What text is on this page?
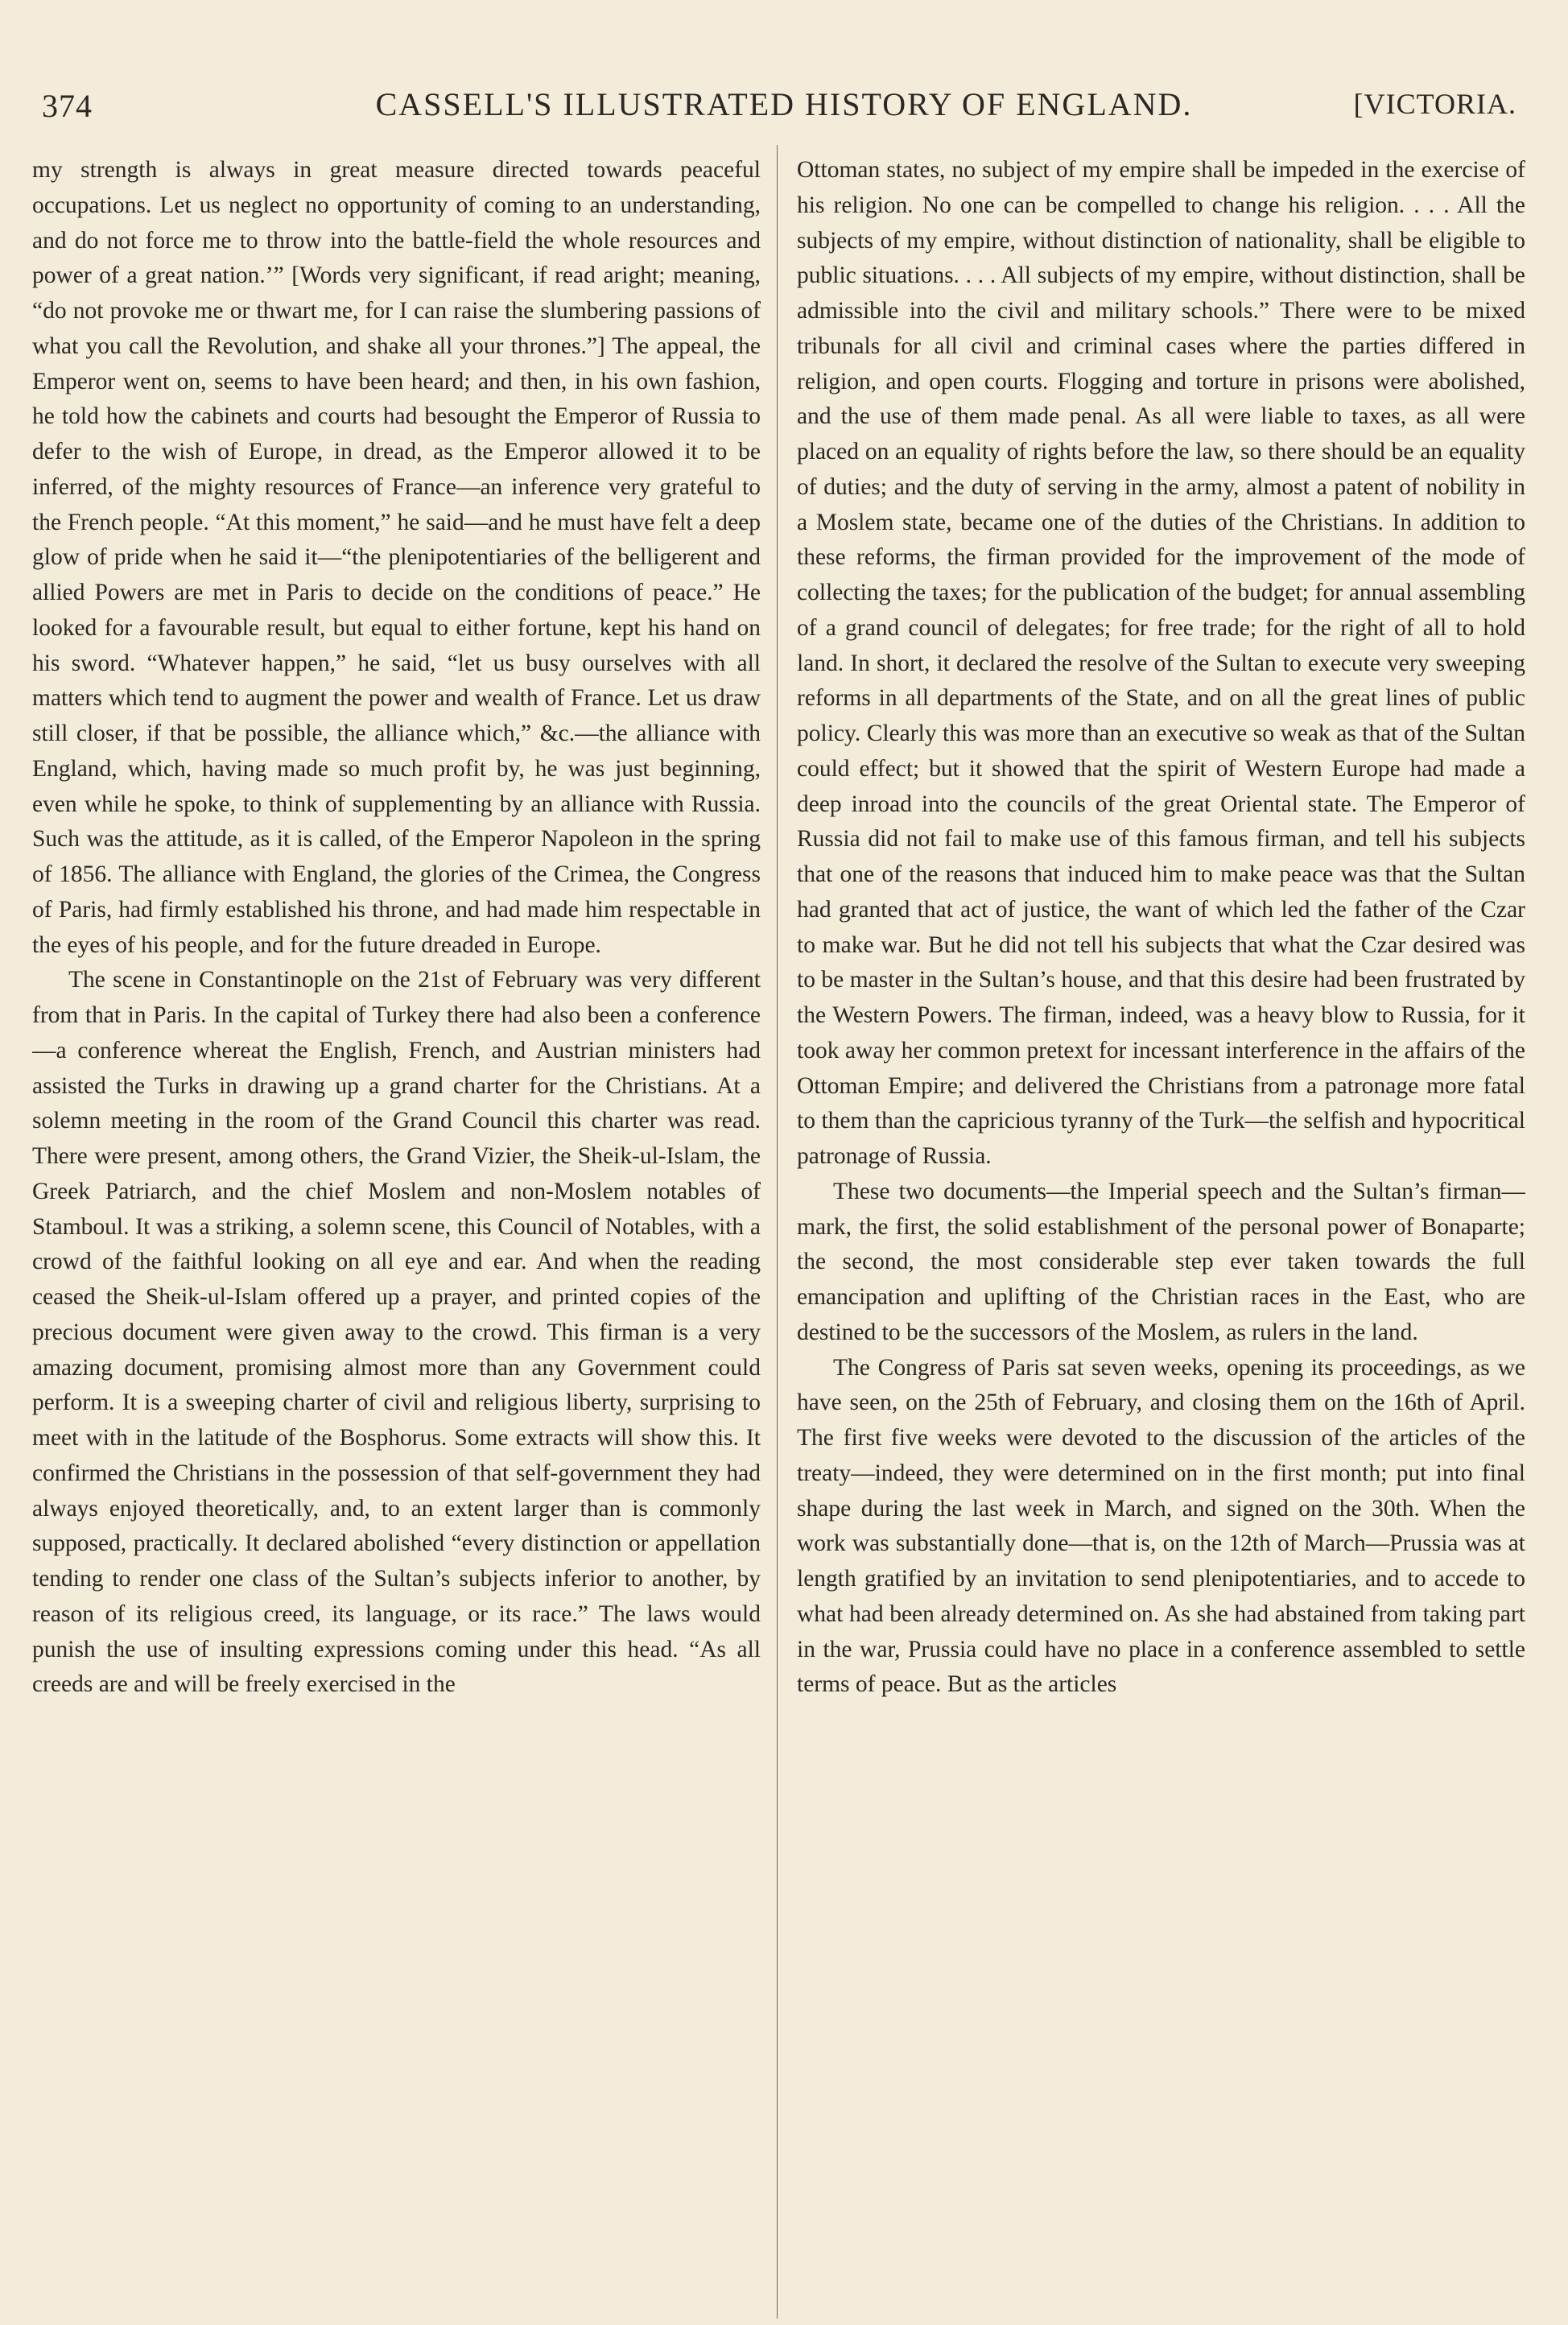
374	CASSELL'S ILLUSTRATED HISTORY OF ENGLAND.	[VICTORIA.

my strength is always in great measure directed towards peaceful occupations. Let us neglect no opportunity of coming to an understanding, and do not force me to throw into the battle-field the whole resources and power of a great nation.’” [Words very significant, if read aright; meaning, “do not provoke me or thwart me, for I can raise the slumbering passions of what you call the Revolution, and shake all your thrones.”] The appeal, the Emperor went on, seems to have been heard; and then, in his own fashion, he told how the cabinets and courts had besought the Emperor of Russia to defer to the wish of Europe, in dread, as the Emperor allowed it to be inferred, of the mighty resources of France—an inference very grateful to the French people. “At this moment,” he said—and he must have felt a deep glow of pride when he said it—“the plenipotentiaries of the belligerent and allied Powers are met in Paris to decide on the conditions of peace.” He looked for a favourable result, but equal to either fortune, kept his hand on his sword. “Whatever happen,” he said, “let us busy ourselves with all matters which tend to augment the power and wealth of France. Let us draw still closer, if that be possible, the alliance which,” &c.—the alliance with England, which, having made so much profit by, he was just beginning, even while he spoke, to think of supplementing by an alliance with Russia. Such was the attitude, as it is called, of the Emperor Napoleon in the spring of 1856. The alliance with England, the glories of the Crimea, the Congress of Paris, had firmly established his throne, and had made him respectable in the eyes of his people, and for the future dreaded in Europe.

The scene in Constantinople on the 21st of February was very different from that in Paris. In the capital of Turkey there had also been a conference—a conference whereat the English, French, and Austrian ministers had assisted the Turks in drawing up a grand charter for the Christians. At a solemn meeting in the room of the Grand Council this charter was read. There were present, among others, the Grand Vizier, the Sheik-ul-Islam, the Greek Patriarch, and the chief Moslem and non-Moslem notables of Stamboul. It was a striking, a solemn scene, this Council of Notables, with a crowd of the faithful looking on all eye and ear. And when the reading ceased the Sheik-ul-Islam offered up a prayer, and printed copies of the precious document were given away to the crowd. This firman is a very amazing document, promising almost more than any Government could perform. It is a sweeping charter of civil and religious liberty, surprising to meet with in the latitude of the Bosphorus. Some extracts will show this. It confirmed the Christians in the possession of that self-government they had always enjoyed theoretically, and, to an extent larger than is commonly supposed, practically. It declared abolished “every distinction or appellation tending to render one class of the Sultan’s subjects inferior to another, by reason of its religious creed, its language, or its race.” The laws would punish the use of insulting expressions coming under this head. “As all creeds are and will be freely exercised in the

Ottoman states, no subject of my empire shall be impeded in the exercise of his religion. No one can be compelled to change his religion. . . . All the subjects of my empire, without distinction of nationality, shall be eligible to public situations. . . . All subjects of my empire, without distinction, shall be admissible into the civil and military schools.” There were to be mixed tribunals for all civil and criminal cases where the parties differed in religion, and open courts. Flogging and torture in prisons were abolished, and the use of them made penal. As all were liable to taxes, as all were placed on an equality of rights before the law, so there should be an equality of duties; and the duty of serving in the army, almost a patent of nobility in a Moslem state, became one of the duties of the Christians. In addition to these reforms, the firman provided for the improvement of the mode of collecting the taxes; for the publication of the budget; for annual assembling of a grand council of delegates; for free trade; for the right of all to hold land. In short, it declared the resolve of the Sultan to execute very sweeping reforms in all departments of the State, and on all the great lines of public policy. Clearly this was more than an executive so weak as that of the Sultan could effect; but it showed that the spirit of Western Europe had made a deep inroad into the councils of the great Oriental state. The Emperor of Russia did not fail to make use of this famous firman, and tell his subjects that one of the reasons that induced him to make peace was that the Sultan had granted that act of justice, the want of which led the father of the Czar to make war. But he did not tell his subjects that what the Czar desired was to be master in the Sultan’s house, and that this desire had been frustrated by the Western Powers. The firman, indeed, was a heavy blow to Russia, for it took away her common pretext for incessant interference in the affairs of the Ottoman Empire; and delivered the Christians from a patronage more fatal to them than the capricious tyranny of the Turk—the selfish and hypocritical patronage of Russia.

These two documents—the Imperial speech and the Sultan’s firman—mark, the first, the solid establishment of the personal power of Bonaparte; the second, the most considerable step ever taken towards the full emancipation and uplifting of the Christian races in the East, who are destined to be the successors of the Moslem, as rulers in the land.

The Congress of Paris sat seven weeks, opening its proceedings, as we have seen, on the 25th of February, and closing them on the 16th of April. The first five weeks were devoted to the discussion of the articles of the treaty—indeed, they were determined on in the first month; put into final shape during the last week in March, and signed on the 30th. When the work was substantially done—that is, on the 12th of March—Prussia was at length gratified by an invitation to send plenipotentiaries, and to accede to what had been already determined on. As she had abstained from taking part in the war, Prussia could have no place in a conference assembled to settle terms of peace. But as the articles
